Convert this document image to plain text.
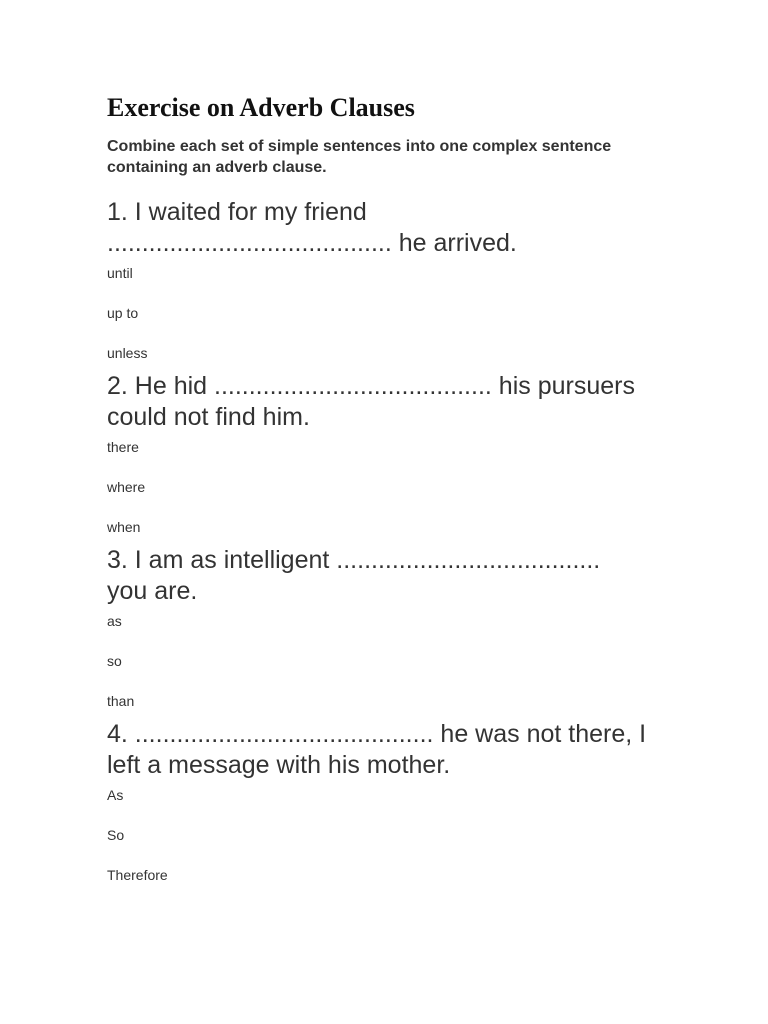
Exercise on Adverb Clauses

Combine each set of simple sentences into one complex sentence containing an adverb clause.

1. I waited for my friend ......................................... he arrived.

until
up to
unless

2. He hid ........................................ his pursuers could not find him.

there
where
when

3. I am as intelligent ...................................... you are.

as
so
than

4. ........................................... he was not there, I left a message with his mother.

As
So
Therefore
